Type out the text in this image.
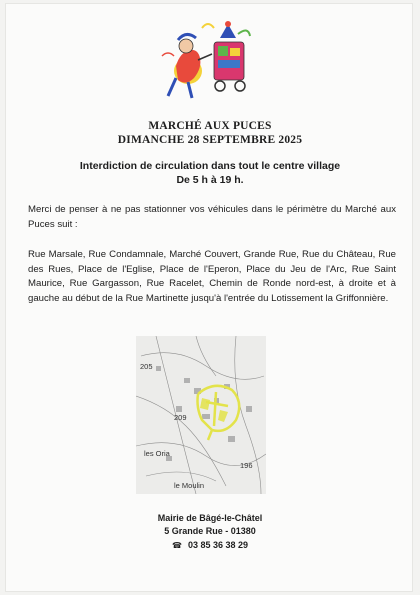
MARCHÉ AUX PUCES
DIMANCHE 28 SEPTEMBRE 2025
Interdiction de circulation dans tout le centre village
De 5 h à 19 h.

Merci de penser à ne pas stationner vos véhicules dans le périmètre du Marché aux Puces suit :

Rue Marsale, Rue Condamnale, Marché Couvert, Grande Rue, Rue du Château, Rue des Rues, Place de l'Eglise, Place de l'Eperon, Place du Jeu de l'Arc, Rue Saint Maurice, Rue Gargasson, Rue Racelet, Chemin de Ronde nord-est, à droite et à gauche au début de la Rue Martinette jusqu'à l'entrée du Lotissement la Griffonnière.

205
209
les Oria
196
le Moulin
Mairie de Bâgé-le-Châtel
5 Grande Rue - 01380
☎ 03 85 36 38 29
